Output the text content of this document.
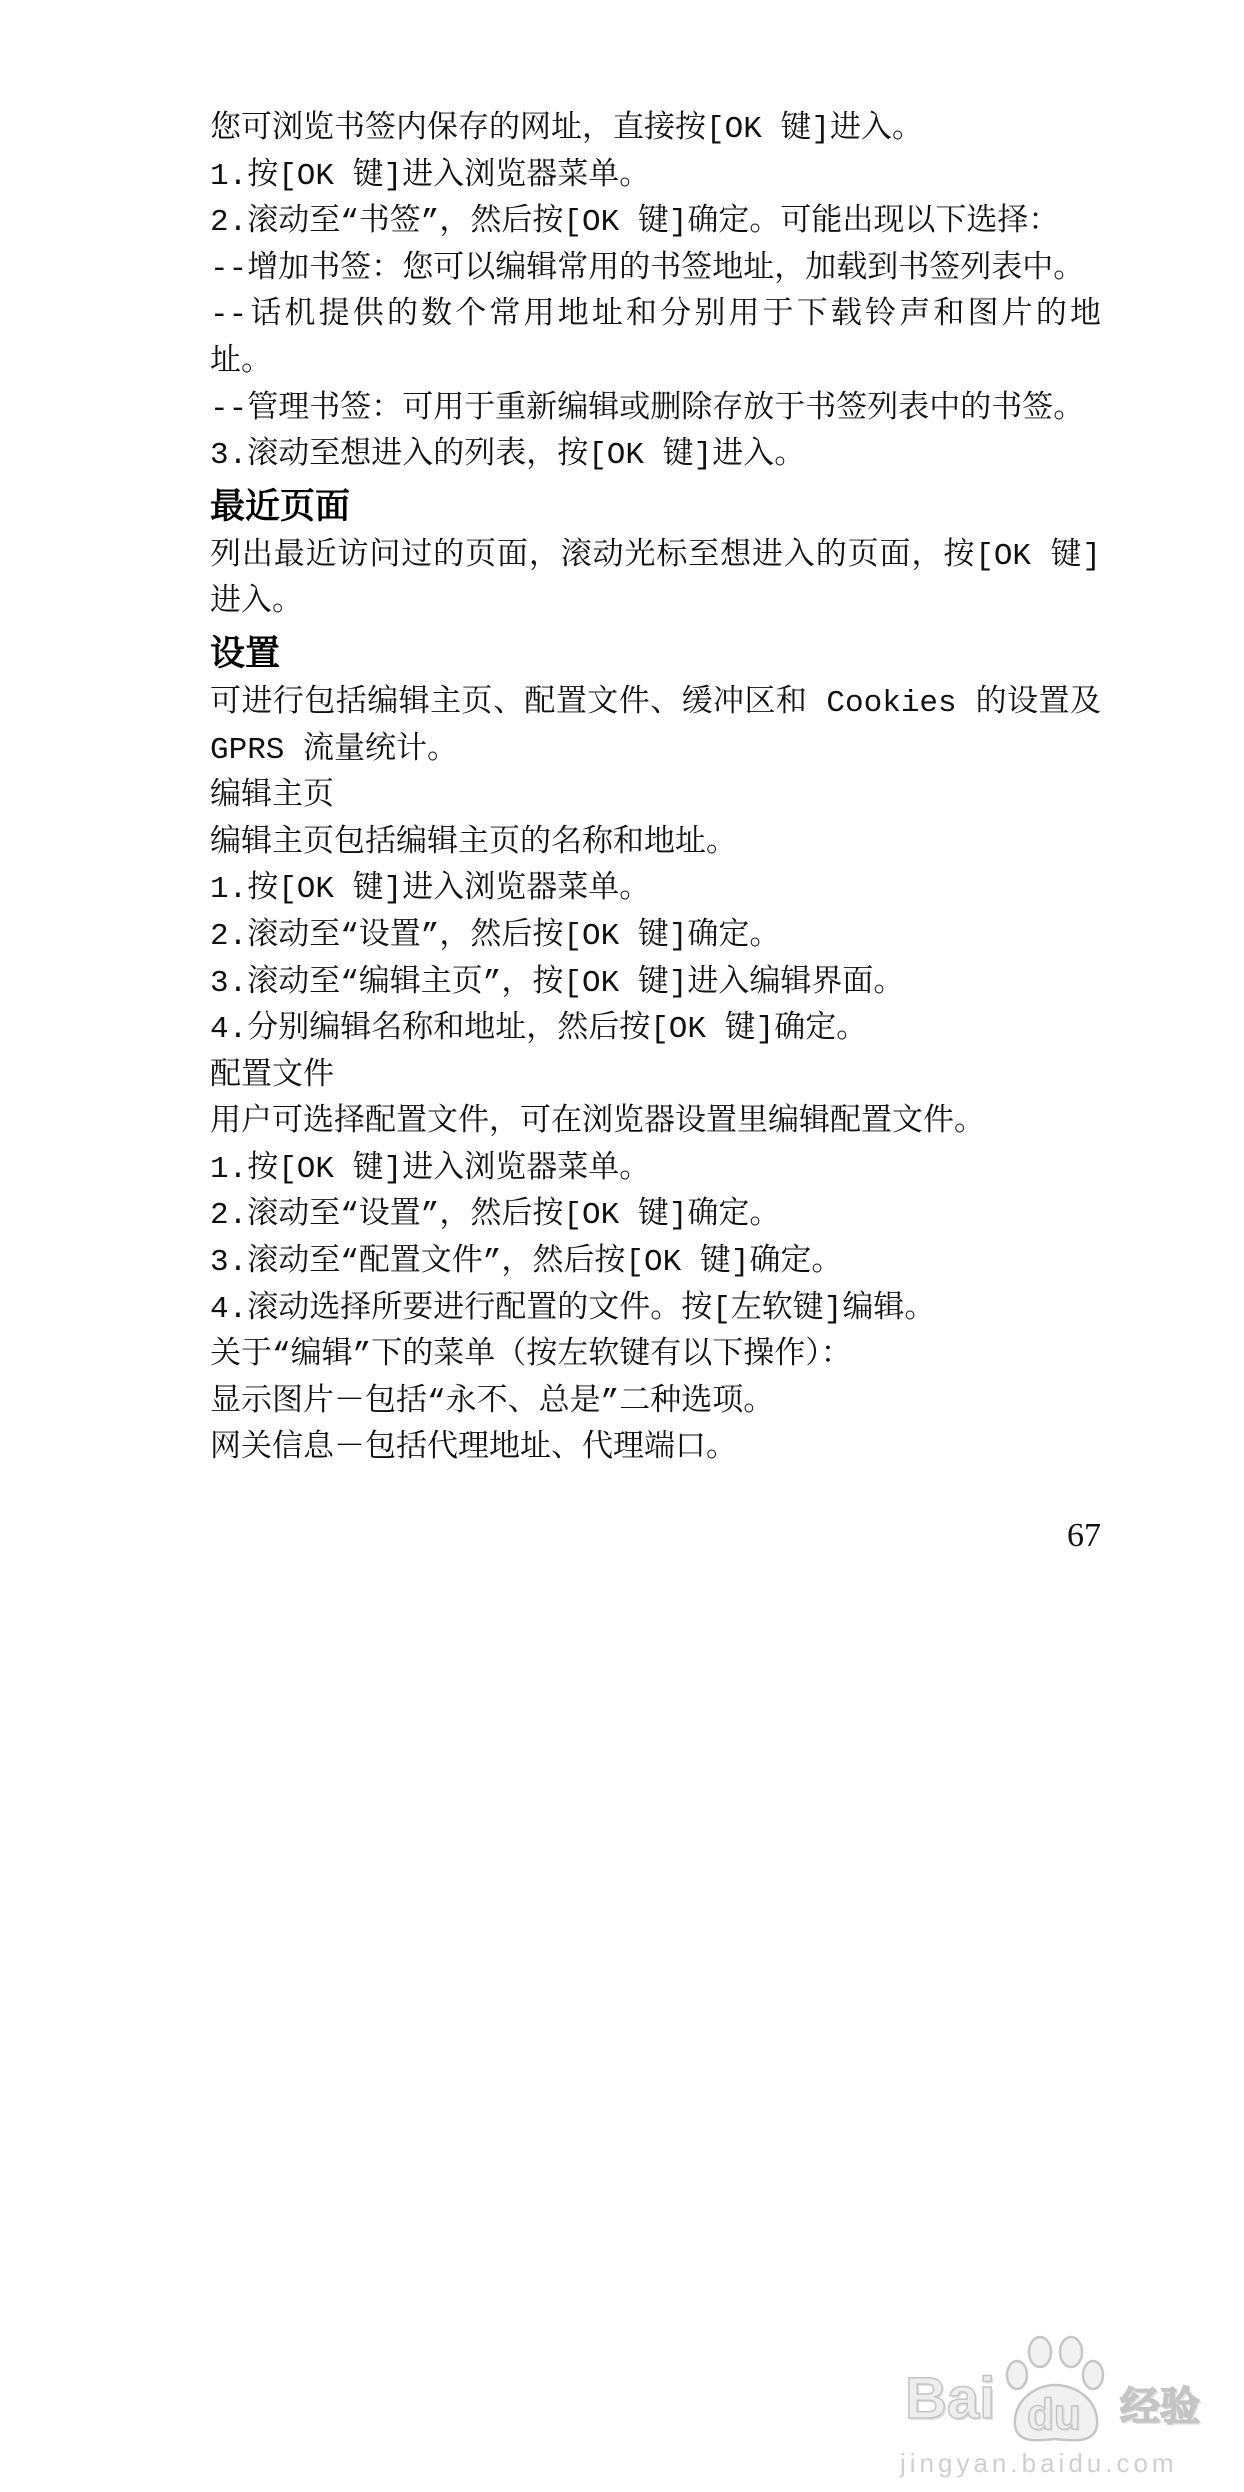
您可浏览书签内保存的网址，直接按[OK 键]进入。
1.按[OK 键]进入浏览器菜单。
2.滚动至“书签”，然后按[OK 键]确定。可能出现以下选择：
--增加书签：您可以编辑常用的书签地址，加载到书签列表中。
--话机提供的数个常用地址和分别用于下载铃声和图片的地
址。
--管理书签：可用于重新编辑或删除存放于书签列表中的书签。
3.滚动至想进入的列表，按[OK 键]进入。
最近页面
列出最近访问过的页面，滚动光标至想进入的页面，按[OK 键]
进入。
设置
可进行包括编辑主页、配置文件、缓冲区和 Cookies 的设置及
GPRS 流量统计。
编辑主页
编辑主页包括编辑主页的名称和地址。
1.按[OK 键]进入浏览器菜单。
2.滚动至“设置”，然后按[OK 键]确定。
3.滚动至“编辑主页”，按[OK 键]进入编辑界面。
4.分别编辑名称和地址，然后按[OK 键]确定。
配置文件
用户可选择配置文件，可在浏览器设置里编辑配置文件。
1.按[OK 键]进入浏览器菜单。
2.滚动至“设置”，然后按[OK 键]确定。
3.滚动至“配置文件”，然后按[OK 键]确定。
4.滚动选择所要进行配置的文件。按[左软键]编辑。
关于“编辑”下的菜单（按左软键有以下操作）：
显示图片－包括“永不、总是”二种选项。
网关信息－包括代理地址、代理端口。
67
Bai du 经验
jingyan.baidu.com
